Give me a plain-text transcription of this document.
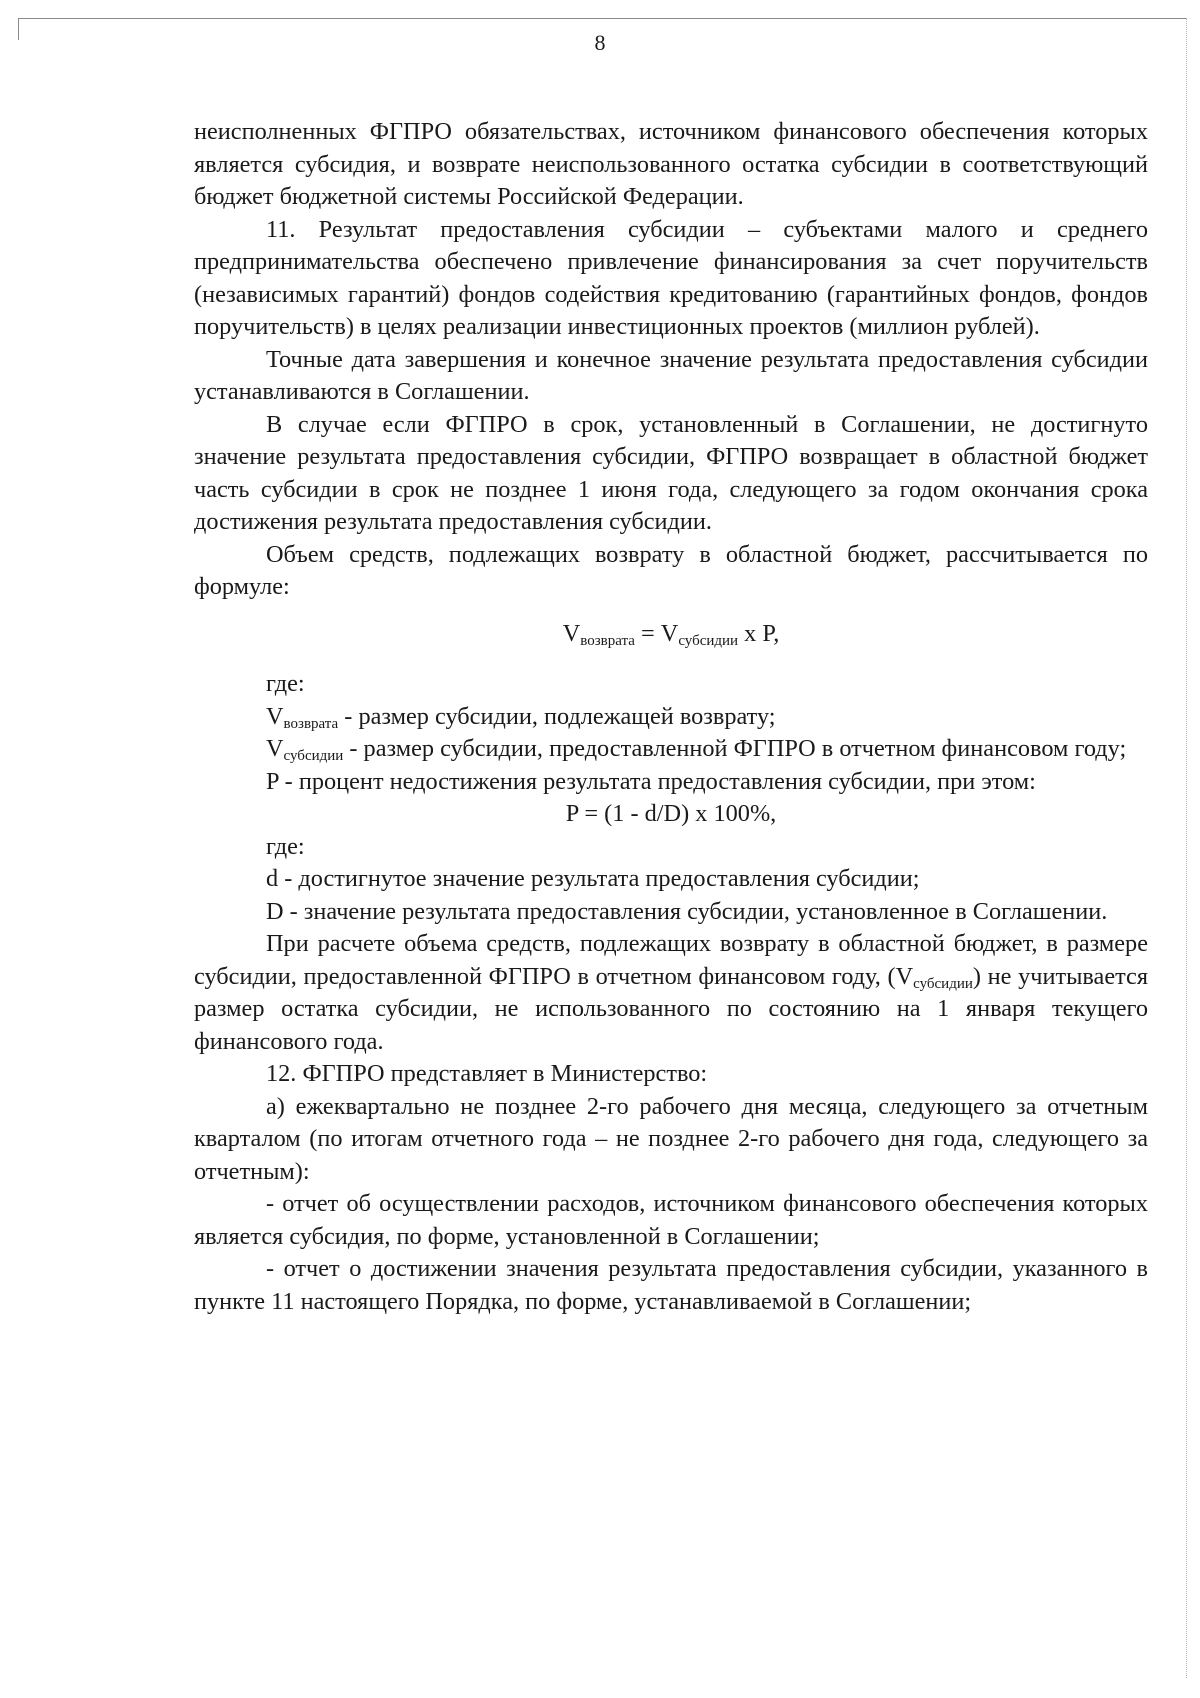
8

неисполненных ФГПРО обязательствах, источником финансового обеспечения которых является субсидия, и возврате неиспользованного остатка субсидии в соответствующий бюджет бюджетной системы Российской Федерации.

11. Результат предоставления субсидии – субъектами малого и среднего предпринимательства обеспечено привлечение финансирования за счет поручительств (независимых гарантий) фондов содействия кредитованию (гарантийных фондов, фондов поручительств) в целях реализации инвестиционных проектов (миллион рублей).

Точные дата завершения и конечное значение результата предоставления субсидии устанавливаются в Соглашении.

В случае если ФГПРО в срок, установленный в Соглашении, не достигнуто значение результата предоставления субсидии, ФГПРО возвращает в областной бюджет часть субсидии в срок не позднее 1 июня года, следующего за годом окончания срока достижения результата предоставления субсидии.

Объем средств, подлежащих возврату в областной бюджет, рассчитывается по формуле:

$V_{возврата} = V_{субсидии}$ x P,

где:

$V_{возврата}$ - размер субсидии, подлежащей возврату;

$V_{субсидии}$ - размер субсидии, предоставленной ФГПРО в отчетном финансовом году;

P - процент недостижения результата предоставления субсидии, при этом:

P = (1 - d/D) x 100%,

где:

d - достигнутое значение результата предоставления субсидии;

D - значение результата предоставления субсидии, установленное в Соглашении.

При расчете объема средств, подлежащих возврату в областной бюджет, в размере субсидии, предоставленной ФГПРО в отчетном финансовом году, $(V_{субсидии})$ не учитывается размер остатка субсидии, не использованного по состоянию на 1 января текущего финансового года.

12. ФГПРО представляет в Министерство:

а) ежеквартально не позднее 2-го рабочего дня месяца, следующего за отчетным кварталом (по итогам отчетного года – не позднее 2-го рабочего дня года, следующего за отчетным):

- отчет об осуществлении расходов, источником финансового обеспечения которых является субсидия, по форме, установленной в Соглашении;

- отчет о достижении значения результата предоставления субсидии, указанного в пункте 11 настоящего Порядка, по форме, устанавливаемой в Соглашении;
